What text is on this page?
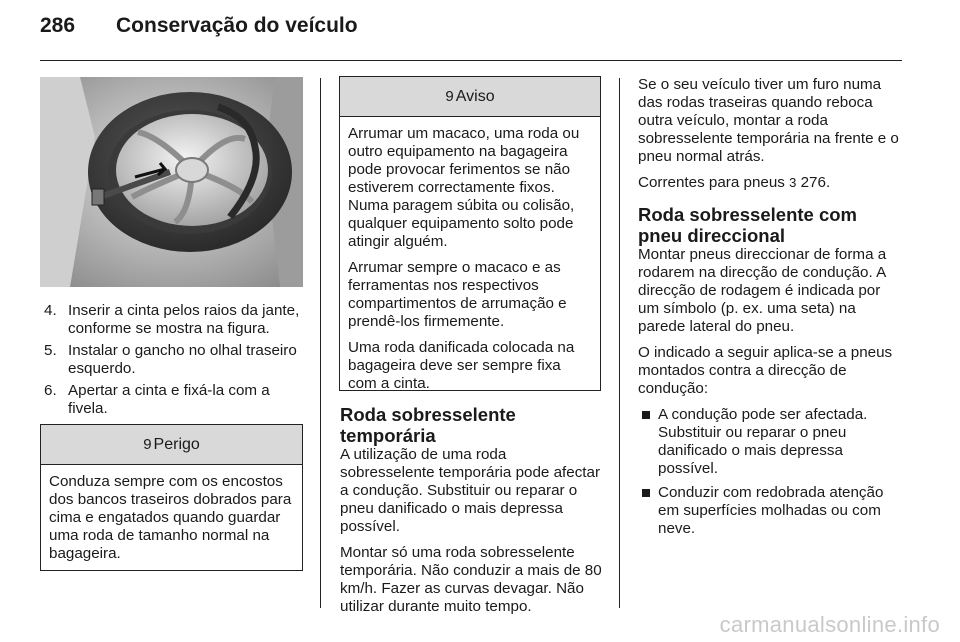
286 Conservação do veículo
4. Inserir a cinta pelos raios da jante, conforme se mostra na figura.
5. Instalar o gancho no olhal traseiro esquerdo.
6. Apertar a cinta e fixá-la com a fivela.
9 Perigo

Conduza sempre com os encostos dos bancos traseiros dobrados para cima e engatados quando guardar uma roda de tamanho normal na bagageira.

9 Aviso

Arrumar um macaco, uma roda ou outro equipamento na bagageira pode provocar ferimentos se não estiverem correctamente fixos. Numa paragem súbita ou colisão, qualquer equipamento solto pode atingir alguém.

Arrumar sempre o macaco e as ferramentas nos respectivos compartimentos de arrumação e prendê-los firmemente.

Uma roda danificada colocada na bagageira deve ser sempre fixa com a cinta.

Roda sobresselente temporária

A utilização de uma roda sobresselente temporária pode afectar a condução. Substituir ou reparar o pneu danificado o mais depressa possível.

Montar só uma roda sobresselente temporária. Não conduzir a mais de 80 km/h. Fazer as curvas devagar. Não utilizar durante muito tempo.

Se o seu veículo tiver um furo numa das rodas traseiras quando reboca outra veículo, montar a roda sobresselente temporária na frente e o pneu normal atrás.

Correntes para pneus 3 276.

Roda sobresselente com pneu direccional

Montar pneus direccionar de forma a rodarem na direcção de condução. A direcção de rodagem é indicada por um símbolo (p. ex. uma seta) na parede lateral do pneu.

O indicado a seguir aplica-se a pneus montados contra a direcção de condução:

A condução pode ser afectada. Substituir ou reparar o pneu danificado o mais depressa possível.
Conduzir com redobrada atenção em superfícies molhadas ou com neve.
carmanualsonline.info
